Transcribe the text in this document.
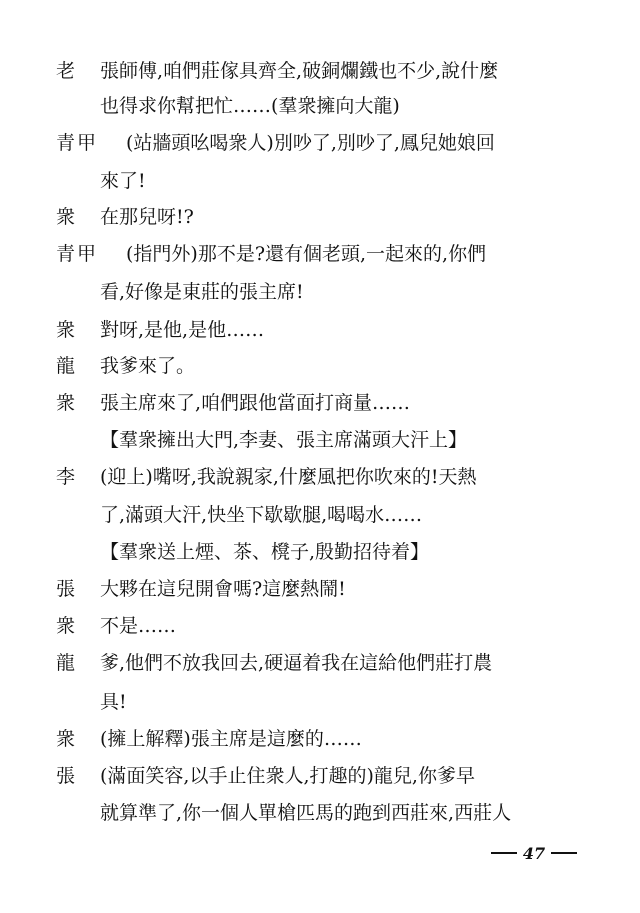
老 張師傅,咱們莊傢具齊全,破銅爛鐵也不少,說什麼
也得求你幫把忙……(羣衆擁向大龍)
青甲 (站牆頭吆喝衆人)別吵了,別吵了,鳳兒她娘回
來了!
衆 在那兒呀!?
青甲 (指門外)那不是?還有個老頭,一起來的,你們
看,好像是東莊的張主席!
衆 對呀,是他,是他……
龍 我爹來了。
衆 張主席來了,咱們跟他當面打商量……
【羣衆擁出大門,李妻、張主席滿頭大汗上】
李 (迎上)嘴呀,我說親家,什麼風把你吹來的!天熱
了,滿頭大汗,快坐下歇歇腿,喝喝水……
【羣衆送上煙、茶、櫈子,殷勤招待着】
張 大夥在這兒開會嗎?這麼熱鬧!
衆 不是……
龍 爹,他們不放我回去,硬逼着我在這給他們莊打農
具!
衆 (擁上解釋)張主席是這麼的……
張 (滿面笑容,以手止住衆人,打趣的)龍兒,你爹早
就算準了,你一個人單槍匹馬的跑到西莊來,西莊人
47
